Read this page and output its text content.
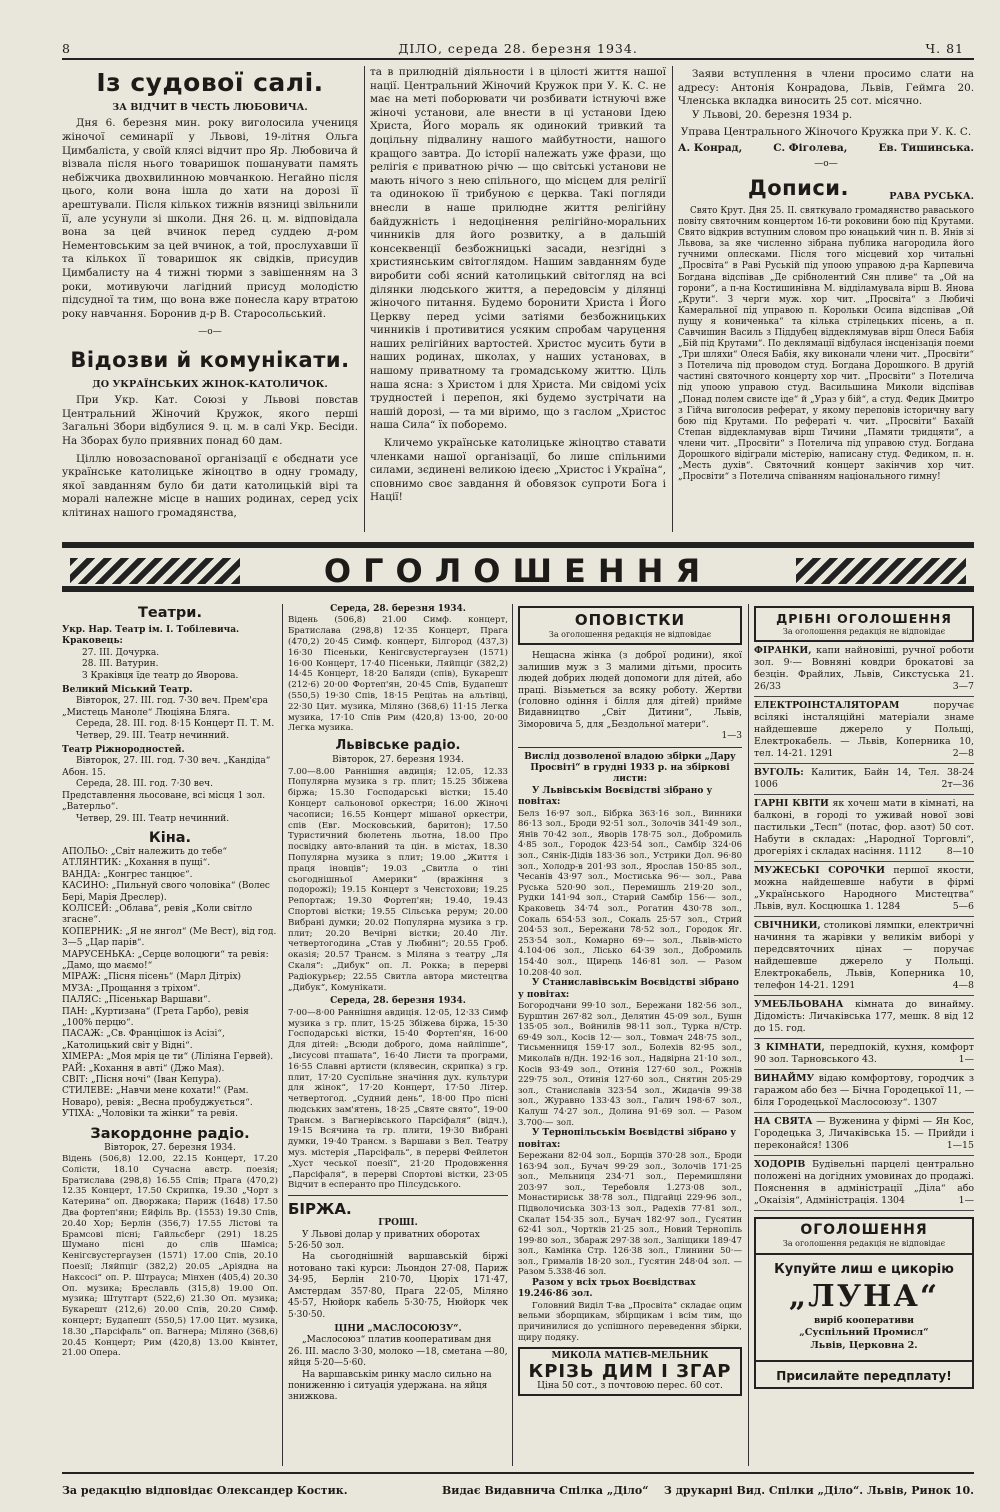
8	ДІЛО, середа 28. березня 1934.	Ч. 81
Із судової салі.
ЗА ВІДЧИТ В ЧЕСТЬ ЛЮБОВИЧА.
Дня 6. березня мин. року виголосила учениця жіночої семинарії у Львові, 19-літня Ольга Цимбаліста, у своїй клясі відчит про Яр. Любовича й візвала після нього товаришок пошанувати память небіжчика двохвилинною мовчанкою. Негайно після цього, коли вона ішла до хати на дорозі її арештували. Після кількох тижнів вязниці звільнили її, але усунули зі школи. Дня 26. ц. м. відповідала вона за цей вчинок перед суддею д-ром Нементовським за цей вчинок, а той, прослухавши її та кількох її товаришок як свідків, присудив Цимбалисту на 4 тижні тюрми з завішенням на 3 роки, мотивуючи лагідний присуд молодістю підсудної та тим, що вона вже понесла кару втратою року навчання. Боронив д-р В. Старосольський.
—o—
Відозви й комунікати.
ДО УКРАЇНСЬКИХ ЖІНОК-КАТОЛИЧОК.
При Укр. Кат. Союзі у Львові повстав Центральний Жіночий Кружок, якого перші Загальні Збори відбулися 9. ц. м. в салі Укр. Бесіди. На Зборах було приявних понад 60 дам.
Ціллю новозасnованої організації є обєднати усе українське католицьке жіноцтво в одну громаду, якої завданням було би дати католицькій вірі та моралі належне місце в наших родинах, серед усіх клітинах нашого громадянства,
та в прилюдній діяльности і в цілості життя нашої нації. Центральний Жіночий Кружок при У. К. С. не має на меті поборювати чи розбивати істнуючі вже жіночі установи, але внести в ці установи Ідею Христа, Його мораль як одинокий тривкий та доцільну підвалину нашого майбутности, нашого кращого завтра. До історії належать уже фрази, що релігія є приватною річю — що світські установи не мають нічого з нею спільного, що місцем для релігії та одинокою її трибуною є церква. Такі погляди внесли в наше прилюдне життя релігійну байдужність і недоцінення релігійно-моральних чинників для його розвитку, а в дальшій консеквенції безбожницькі засади, незгідні з християнським світоглядом. Нашим завданням буде виробити собі ясний католицький світогляд на всі ділянки людського життя, а передовсім у ділянці жіночого питання. Будемо боронити Христа і Його Церкву перед усіми затіями безбожницьких чинників і противитися усяким спробам чаруцення наших релігійних вартостей. Христос мусить бути в наших родинах, школах, у наших установах, в нашому приватному та громадському життю. Ціль наша ясна: з Христом і для Христа. Ми свідомі усіх трудностей і перепон, які будемо зустрічати на нашій дорозі, — та ми віримо, що з гаслом „Христос наша Сила“ їх поборемо.
Кличемо українське католицьке жіноцтво ставати членками нашої організації, бо лише спільними силами, зєдинені великою ідеєю „Христос і Україна“, сповнимо своє завдання й обовязок супроти Бога і Нації!
Заяви вступлення в члени просимо слати на адресу: Антонія Конрадова, Львів, Геймга 20. Членська вкладка виносить 25 сот. місячно.
У Львові, 20. березня 1934 р.
Управа Центрального Жіночого Кружка при У. К. С.
А. Конрад,	С. Фіголева,	Ев. Тишинська.
—o—
Дописи.	РАВА РУСЬКА.
Свято Крут. Дня 25. II. святкувало громадянство раваського повіту святочним концертом 16-ти роковини бою під Крутами. Свято відкрив вступним словом про юнацький чин п. В. Янів зі Львова, за яке численно зібрана публика нагородила його гучними оплесками. Після того місцевий хор читальні „Просвіта“ в Раві Руській під упоою управою д-ра Карпевича Богдана відспівав „Де срібнолентий Сян пливе“ та „Ой на горони“, а п-на Костишинівна М. відділамувала вірш В. Янова „Крути“. З черги муж. хор чит. „Просвіта“ з Любичі Камеральної під управою п. Корольки Осипа відспівав „Ой пущу я кониченька“ та кілька стрілецьких пісень, а п. Савчишин Василь з Піддубец віддеклямував вірш Олеся Бабія „Бій під Крутами“. По деклямації відбулася інсценізація поеми „Три шляхи“ Олеся Бабія, яку виконали члени чит. „Просвіти“ з Потелича під проводом студ. Богдана Дорошкого. В другій частині святочного концерту хор чит. „Просвіти“ з Потелича під упоою управою студ. Васильшина Миколи відспівав „Понад полем свисте іде“ й „Ураз у бій“, а студ. Федик Дмитро з Гійча виголосив реферат, у якому переповів історичну вагу бою під Крутами. По рефераті ч. чит. „Просвіти“ Бахаїй Степан віддекламував вірш Тичини „Памяти тридцяти“, а члени чит. „Просвіти“ з Потелича під управою студ. Богдана Дорошкого відіграли містерію, написану студ. Федиком, п. н. „Месть духів“. Святочний концерт закінчив хор чит. „Просвіти“ з Потелича співанням національного гимну!
ОГОЛОШЕННЯ
Театри.
Укр. Нар. Театр ім. І. Тобілевича. Краковець:
27. III. Дочурка.
28. III. Ватурин.
З Краківця їде театр до Яворова.
Великий Міський Театр.
Вівторок, 27. III. год. 7·30 веч. Прем'єра „Мистець Маноле“ Люціяна Бляга.
Середа, 28. III. год. 8·15 Концерт П. Т. М.
Четвер, 29. III. Театр нечинний.
Театр Ріжнородностей.
Вівторок, 27. III. год. 7·30 веч. „Кандіда“ Абон. 15.
Середа, 28. III. год. 7·30 веч. Представлення льосоване, всі місця 1 зол. „Ватерльо“.
Четвер, 29. III. Театр нечинний.
Кіна.
АПОЛЬО: „Світ належить до тебе“
АТЛЯНТИК: „Кохання в пущі“.
ВАНДА: „Конгрес танцює“.
КАСИНО: „Пильнуй свого чоловіка“ (Волес Бері, Марія Дреслер).
КОЛІСЕЙ: „Облава“, ревія „Коли світло згасне“.
КОПЕРНИК: „Я не янгол“ (Ме Вест), від год. 3—5 „Цар парів“.
МАРУСЕНЬКА: „Серце волоцюги“ та ревія: „Дамо, що маємо!“
МІРАЖ: „Пісня пісень“ (Марл Дітріх)
МУЗА: „Прощання з тріхом“.
ПАЛЯС: „Пісенькар Варшави“.
ПАН: „Куртизана“ (Грета Гарбо), ревія „100% перцю“.
ПАСАЖ: „Св. Францішок із Асізі“, „Католицький світ у Відні“.
ХІМЕРА: „Моя мрія це ти“ (Ліліяна Гервей).
РАЙ: „Кохання в авті“ (Джо Мая).
СВІТ: „Пісня ночі“ (Іван Кепура).
СТИЛЕВЕ: „Навчи мене кохати!“ (Рам. Новаро), ревія: „Весна пробуджується“.
УТІХА: „Чоловіки та жінки“ та ревія.
Закордонне радіо.
Вівторок, 27. березня 1934.
Відень (506,8) 12.00, 22.15 Концерт, 17.20 Солісти, 18.10 Сучасна австр. поезія; Братислава (298,8) 16.55 Спів; Прага (470,2) 12.35 Концерт, 17.50 Скрипка, 19.30 „Чорт з Катерина“ оп. Дворжака; Париж (1648) 17.50 Два фортеп'яни; Ейфіль Вр. (1553) 19.30 Спів, 20.40 Хор; Берлін (356,7) 17.55 Лістові та Брамсові пісні; Гайльсберг (291) 18.25 Шумано пісні до слів Шаміса; Кенігсвустергаузен (1571) 17.00 Спів, 20.10 Поезії; Ляйпціг (382,2) 20.05 „Аріядна на Наксосі“ оп. Р. Штрауса; Мінхен (405,4) 20.30 Оп. музика; Бреславль (315,8) 19.00 Оп. музика; Штутгарт (522,6) 21.30 Оп. музика; Букарешт (212,6) 20.00 Спів, 20.20 Симф. концерт; Будапешт (550,5) 17.00 Цит. музика, 18.30 „Парсіфаль“ оп. Вагнера; Міляно (368,6) 20.45 Концерт; Рим (420,8) 13.00 Квінтет, 21.00 Опера.
Середа, 28. березня 1934.
Відень (506,8) 21.00 Симф. концерт, Братислава (298,8) 12·35 Концерт, Прага (470,2) 20·45 Симф. концерт, Білгород (437,3) 16·30 Пісеньки, Кенігсвустергаузен (1571) 16·00 Концерт, 17·40 Пісеньки, Ляйпціг (382,2) 14·45 Концерт, 18·20 Баляди (спів), Букарешт (212·6) 20·00 Фортеп'ян, 20·45 Спів, Будапешт (550,5) 19·30 Спів, 18·15 Рецітаь на альтівці, 22·30 Цит. музика, Міляно (368,6) 11·15 Легка музика, 17·10 Спів Рим (420,8) 13·00, 20·00 Легка музика.
Львівське радіо.
Вівторок, 27. березня 1934.
7.00—8.00 Раннішня авдиція; 12.05, 12.33 Популярна музика з гр. плит; 15.25 Збіжева біржа; 15.30 Господарські вістки; 15.40 Концерт сальонової оркестри; 16.00 Жіночі часописи; 16.55 Концерт мішаної оркестри, спів (Евг. Московський, баритон); 17.50 Туристичний бюлетень льотна, 18.00 Про посвідку авто-вланий та цін. в містах, 18.30 Популярна музика з плит; 19.00 „Життя і праця іновців“; 19.03 „Свитла о тіні сьогоднішньої Америки“ (вражіння з подорожі); 19.15 Концерт з Ченстохови; 19.25 Репортаж; 19.30 Фортеп'ян; 19.40, 19.43 Спортові вістки; 19.55 Сільська рерум; 20.00 Вибрані думки; 20.02 Популярна музика з гр. плит; 20.20 Вечірні вістки; 20.40 Літ. четвертогодина „Став у Любині“; 20.55 Гроб. оказія; 20.57 Трансм. з Міляна з театру „Ля Скаля“: „Дибук“ оп. Л. Рокка; в перерві Радіокурьєр; 22.55 Свитла автора мистецтва „Дибук“, Комунікати.
Середа, 28. березня 1934.
7·00—8·00 Раннішня авдиція. 12·05, 12·33 Симф музика з гр. плит, 15·25 Збіжева біржа, 15·30 Господарські вістки, 15·40 Фортеп'ян, 16·00 Для дітей: „Всюди доброго, дома найліпше“, „Іисусові пташата“, 16·40 Листи та програми, 16·55 Славні артисти (клявесин, скрипка) з гр. плит, 17·20 Суспільне значіння дух. культури для жінок“, 17·20 Концерт, 17·50 Літер. четвертогод. „Судний день“, 18·00 Про пісні людських зам'ятень, 18·25 „Святе свято“, 19·00 Трансм. з Вагнерівського Парсіфаля“ (відч.), 19·15 Всячина та гр. плити, 19·30 Вибрані думки, 19·40 Трансм. з Варшави з Вел. Театру муз. містерія „Парсіфаль“, в перерві Фейлетон „Хуст чеської поезії“, 21·20 Продовження „Парсіфаля“, в перерві Спортові вістки, 23·05 Відчит в есперанто про Пілсудського.
БІРЖА.
ГРОШІ.
У Львові долар у приватних оборотах 5·26·50 зол.
На сьогоднішній варшавській біржі нотовано такі курси: Льондон 27·08, Париж 34·95, Берлін 210·70, Цюріх 171·47, Амстердам 357·80, Прага 22·05, Міляно 45·57, Нюйорк кабель 5·30·75, Нюйорк чек 5·30·50.
ЦІНИ „МАСЛОСОЮЗУ“.
„Маслосоюз“ платив кооперативам дня 26. III. масло 3·30, молоко —18, сметана —80, яйця 5·20—5·60.
На варшавськім ринку масло сильно на пониженню і ситуація удержана. на яйця знижкова.
ОПОВІСТКИ
За оголошення редакція не відповідає
Нещасна жінка (з доброї родини), якої залишив муж з 3 малими дітьми, просить людей добрих людей допомоги для дітей, або праці. Візьметься за всяку роботу. Жертви (головно одіння і білля для дітей) прийме Видавництво „Світ Дитини“, Львів, Зіморовича 5, для „Бездольної матери“.
1—3
Вислід дозволеної владою збірки „Дару Просвіті“ в грудні 1933 р. на збіркові листи:
У Львівськім Воєвідстві зібрано у повітах:
Белз 16·97 зол., Бібрка 363·16 зол., Винники 86·13 зол., Броди 92·51 зол., Золочів 341·49 зол., Янів 70·42 зол., Яворів 178·75 зол., Добромиль 4·85 зол., Городок 423·54 зол., Самбір 324·06 зол., Сянік-Дідів 183·36 зол., Устрики Дол. 96·80 зол., Холодр-в 201·93 зол., Ярослав 150·85 зол., Чесанів 43·97 зол., Мостиська 96·— зол., Рава Руська 520·90 зол., Перемишль 219·20 зол., Рудки 141·94 зол., Старий Самбір 156·— зол., Краковець 34·74 зол., Рогатин 430·78 зол., Сокаль 654·53 зол., Сокаль 25·57 зол., Стрий 204·53 зол., Бережани 78·52 зол., Городок Яг. 253·54 зол., Комарно 69·— зол., Львів-місто 4.104·06 зол., Лісько 64·39 зол., Добромиль 154·40 зол., Щирець 146·81 зол. — Разом 10.208·40 зол.
У Станиславівськім Воєвідстві зібрано у повітах:
Богородчани 99·10 зол., Бережани 182·56 зол., Бурштин 267·82 зол., Делятин 45·09 зол., Бушн 135·05 зол., Войнилів 98·11 зол., Турка н/Стр. 69·49 зол., Косів 12·— зол., Товмач 248·75 зол., Тисьменниця 159·17 зол., Болехів 82·95 зол., Миколаїв н/Дн. 192·16 зол., Надвірна 21·10 зол., Косів 93·49 зол., Отинія 127·60 зол., Рожнів 229·75 зол., Отинія 127·60 зол., Снятин 205·29 зол., Станиславів 323·54 зол., Жидачів 99·38 зол., Журавно 133·43 зол., Галич 198·67 зол., Калуш 74·27 зол., Долина 91·69 зол. — Разом 3.700·— зол.
У Тернопільськім Воєвідстві зібрано у повітах:
Бережани 82·04 зол., Борщів 370·28 зол., Броди 163·94 зол., Бучач 99·29 зол., Золочів 171·25 зол., Мельниця 234·71 зол., Перемишляни 203·97 зол., Теребовля 1.273·08 зол., Монастириськ 38·78 зол., Підгайці 229·96 зол., Підволочиська 303·13 зол., Радехів 77·81 зол., Скалат 154·35 зол., Бучач 182·97 зол., Гусятин 62·41 зол., Чортків 21·25 зол., Новий Тернопіль 199·80 зол., Збараж 297·38 зол., Заліщики 189·47 зол., Камінка Стр. 126·38 зол., Глинини 50·— зол., Грималів 18·20 зол., Гусятин 248·04 зол. — Разом 5.338·46 зол.
Разом у всіх трьох Воєвідствах 19.246·86 зол.
Головний Виділ Т-ва „Просвіта“ складає оцим вельми зборщикам, збірщикам і всім тим, що причинилися до успішного переведення збірки, щиру подяку.
МИКОЛА МАТІЄВ-МЕЛЬНИК
КРІЗЬ ДИМ І ЗГАР
Ціна 50 сот., з почтовою перес. 60 сот.
ДРІБНІ ОГОЛОШЕННЯ
За оголошення редакція не відповідає
ФІРАНКИ, капи найновіші, ручної роботи зол. 9·— Вовняні ковдри брокатові за безцін. Фрайлих, Львів, Сикстуська 21. 26/33	3—7
ЕЛЕКТРОІНСТАЛЯТОРАМ	поручає всілякі інсталяційні матеріали знаме найдешевше джерело у Польщі, Електрокабель. — Львів, Коперника 10, тел. 14-21. 1291	2—8
ВУГОЛЬ: Калитик, Байн 14, Тел. 38-24 1006	2т—36
ГАРНІ КВІТИ як хочеш мати в кімнаті, на балконі, в городі то уживай нової зові пастильки „Тесп“ (потас, фор. азот) 50 сот. Набути в складах: „Народної Торговлі“, дрогеріях і складах насіння. 1112	8—10
МУЖЕСЬКІ СОРОЧКИ першої якости, можна найдешевше набути в фірмі „Українського Народного Мистецтва“ Львів, вул. Косцюшка 1. 1284	5—6
СВІЧНИКИ, столикові лямпки, електричні начиння та жарівки у великім виборі у передсвяточних цінах — поручає найдешевше джерело у Польщі. Електрокабель, Львів, Коперника 10, телефон 14-21. 1291	4—8
УМЕБЛЬОВАНА кімната до винайму. Дідомість: Личаківська 177, мешк. 8 від 12 до 15. год.
3 КІМНАТИ, передпокій, кухня, комфорт 90 зол. Тарновського 43.	1—
ВИНАЙМУ відаю комфортову, городчик з гаражом або без — Бічна Городецької 11, — біля Городецької Маслосоюзу“. 1307
НА СВЯТА — Вуженина у фірмі — Ян Кос, Городецька 3, Личаківська 15. — Прийди і переконайся! 1306	1—15
ХОДОРІВ Будівельні парцелі центрально положені на догідних умовинах до продажі. Пояснення в адміністрації „Діла“ або „Окаізія“, Адміністрація. 1304	1—
ОГОЛОШЕННЯ
За оголошення редакція не відповідає
Купуйте лиш е цикорію
„ЛУНА“
виріб кооперативи
„Суспільний Промисл“
Львів, Церковна 2.
Присилайте передплату!
За редакцію відповідає Олександер Костик.	Видає Видавнича Спілка „Діло“ З друкарні Вид. Спілки „Діло“. Львів, Ринок 10.
